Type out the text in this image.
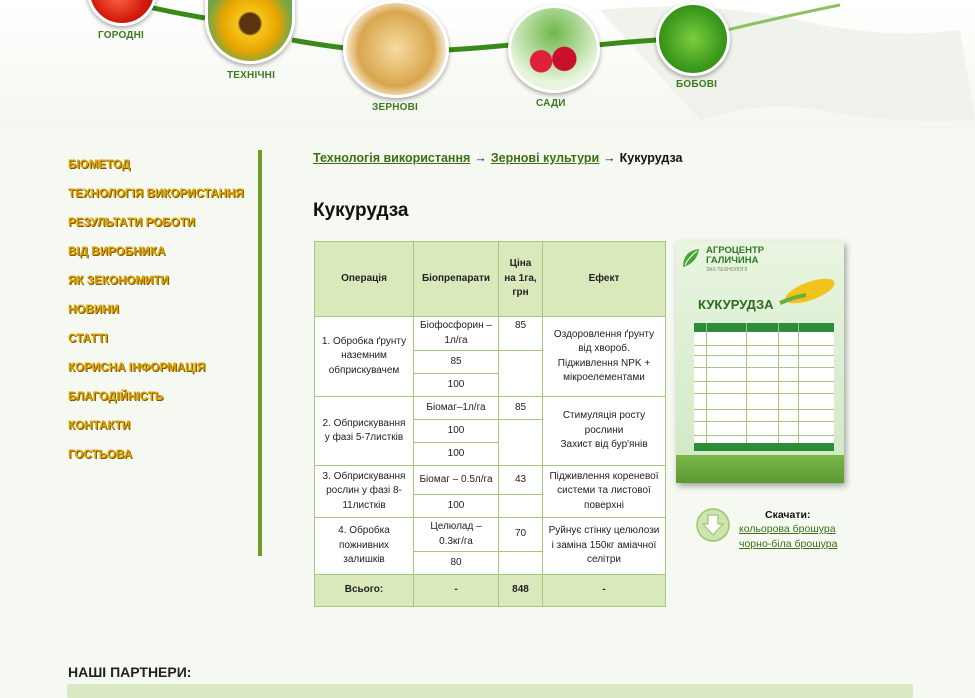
ГОРОДНІ
ТЕХНІЧНІ
ЗЕРНОВІ	САДИ
БОБОВІ
БІОМЕТОД
ТЕХНОЛОГІЯ ВИКОРИСТАННЯ
РЕЗУЛЬТАТИ РОБОТИ
ВІД ВИРОБНИКА
ЯК ЗЕКОНОМИТИ
НОВИНИ
СТАТТІ
КОРИСНА ІНФОРМАЦІЯ
БЛАГОДІЙНІСТЬ
КОНТАКТИ
ГОСТЬОВА
Технологія використання → Зернові культури → Кукурудза
Кукурудза
Операція	Біопрепарати	Ціна на 1га, грн	Ефект
1. Обробка ґрунту наземним обприскувачем	Біофосфорин –1л/га	85	Оздоровлення ґрунту від хвороб. Підживлення NPK + мікроелементами
	85		
	100		
2. Обприскування у фазі 5-7листків	Біомаг–1л/га	85	Стимуляція росту рослини
Захист від бур'янів

	100		
	100		
3. Обприскування рослин у фазі 8-11листків	Біомаг – 0.5л/га	43	Підживлення кореневої системи та листової поверхні
	100		
4. Обробка пожнивних залишків	Целюлад – 0.3кг/га	70	Руйнує стінку целюлози і заміна 150кг аміачної селітри
	80		
Всього:	-	848	-
АГРОЦЕНТР
ГАЛИЧИНА
ЗАХ-ТЕХНОЛОГІЇ
КУКУРУДЗА
Скачати:
кольорова брошура
чорно-біла брошура
НАШІ ПАРТНЕРИ:
